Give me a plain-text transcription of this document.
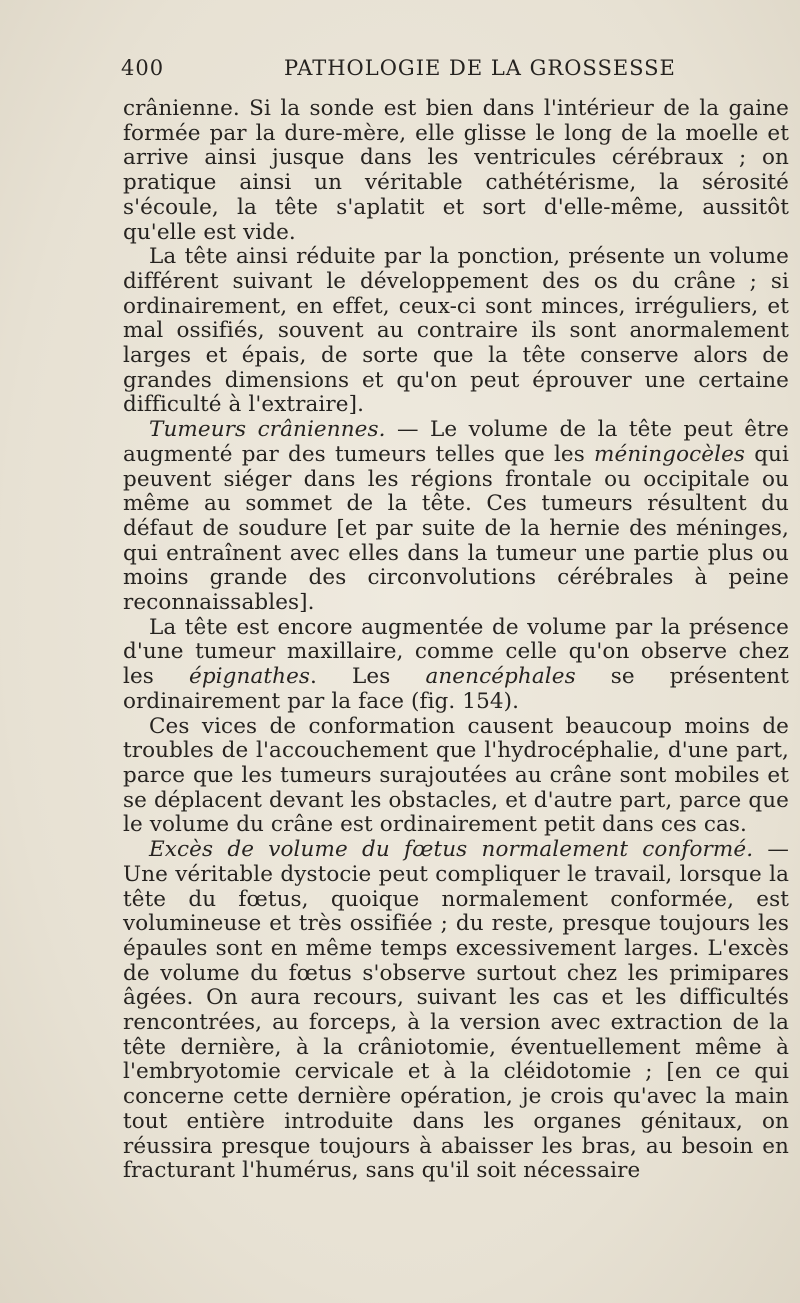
400	PATHOLOGIE DE LA GROSSESSE

crânienne. Si la sonde est bien dans l'intérieur de la gaine formée par la dure-mère, elle glisse le long de la moelle et arrive ainsi jusque dans les ventricules cérébraux ; on pratique ainsi un véritable cathétérisme, la sérosité s'écoule, la tête s'aplatit et sort d'elle-même, aussitôt qu'elle est vide.

La tête ainsi réduite par la ponction, présente un volume différent suivant le développement des os du crâne ; si ordinairement, en effet, ceux-ci sont minces, irréguliers, et mal ossifiés, souvent au contraire ils sont anormalement larges et épais, de sorte que la tête conserve alors de grandes dimensions et qu'on peut éprouver une certaine difficulté à l'extraire].

Tumeurs crâniennes. — Le volume de la tête peut être augmenté par des tumeurs telles que les méningocèles qui peuvent siéger dans les régions frontale ou occipitale ou même au sommet de la tête. Ces tumeurs résultent du défaut de soudure [et par suite de la hernie des méninges, qui entraînent avec elles dans la tumeur une partie plus ou moins grande des circonvolutions cérébrales à peine reconnaissables].

La tête est encore augmentée de volume par la présence d'une tumeur maxillaire, comme celle qu'on observe chez les épignathes. Les anencéphales se présentent ordinairement par la face (fig. 154).

Ces vices de conformation causent beaucoup moins de troubles de l'accouchement que l'hydrocéphalie, d'une part, parce que les tumeurs surajoutées au crâne sont mobiles et se déplacent devant les obstacles, et d'autre part, parce que le volume du crâne est ordinairement petit dans ces cas.

Excès de volume du fœtus normalement conformé. — Une véritable dystocie peut compliquer le travail, lorsque la tête du fœtus, quoique normalement conformée, est volumineuse et très ossifiée ; du reste, presque toujours les épaules sont en même temps excessivement larges. L'excès de volume du fœtus s'observe surtout chez les primipares âgées. On aura recours, suivant les cas et les difficultés rencontrées, au forceps, à la version avec extraction de la tête dernière, à la crâniotomie, éventuellement même à l'embryotomie cervicale et à la cléidotomie ; [en ce qui concerne cette dernière opération, je crois qu'avec la main tout entière introduite dans les organes génitaux, on réussira presque toujours à abaisser les bras, au besoin en fracturant l'humérus, sans qu'il soit nécessaire
